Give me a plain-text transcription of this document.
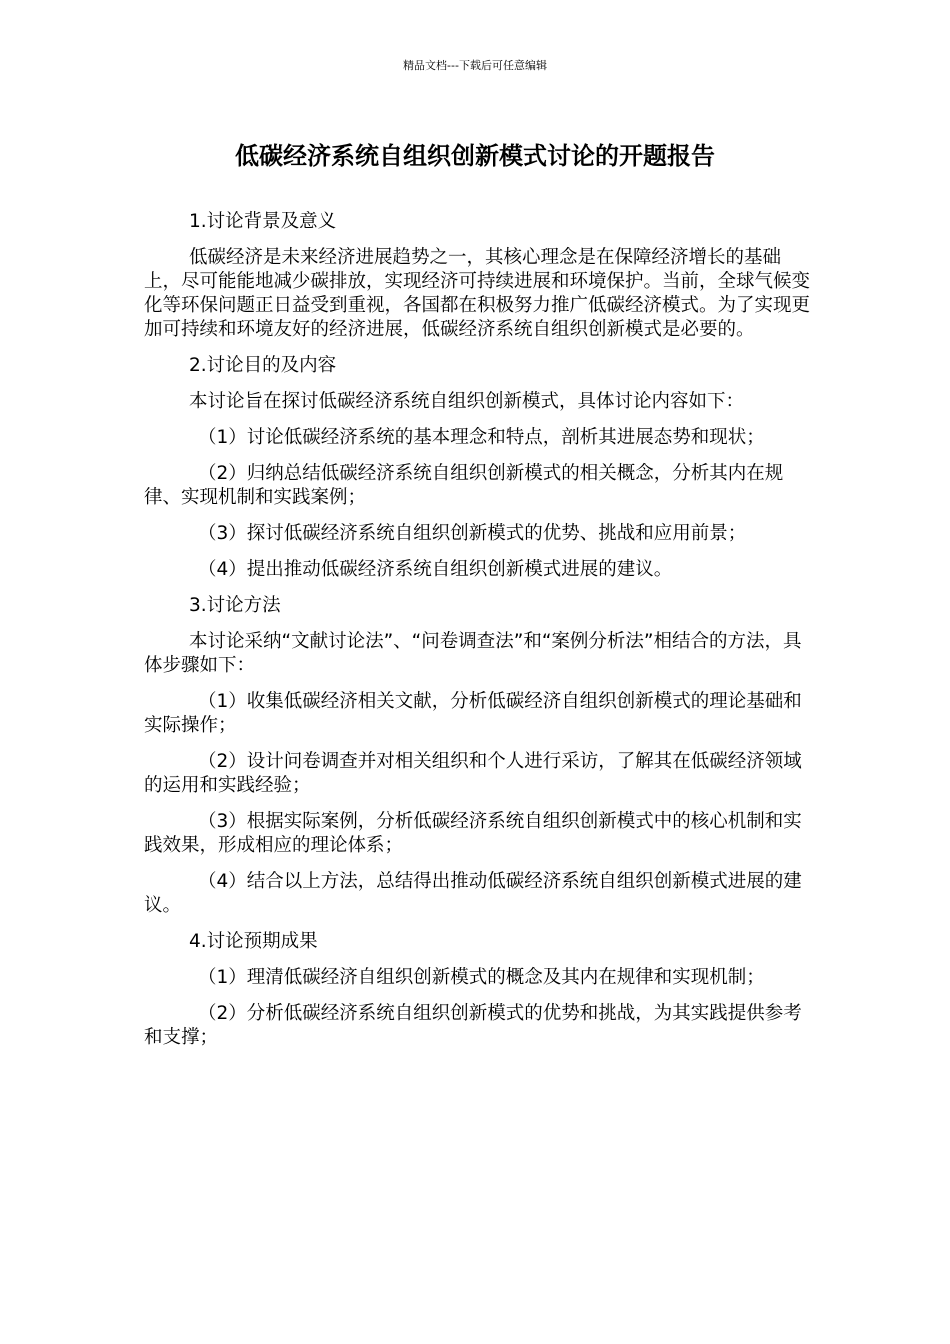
精品文档---下载后可任意编辑
低碳经济系统自组织创新模式讨论的开题报告

1.讨论背景及意义

低碳经济是未来经济进展趋势之一，其核心理念是在保障经济增长的基础上，尽可能能地减少碳排放，实现经济可持续进展和环境保护。当前，全球气候变化等环保问题正日益受到重视，各国都在积极努力推广低碳经济模式。为了实现更加可持续和环境友好的经济进展，低碳经济系统自组织创新模式是必要的。

2.讨论目的及内容

本讨论旨在探讨低碳经济系统自组织创新模式，具体讨论内容如下：

（1）讨论低碳经济系统的基本理念和特点，剖析其进展态势和现状；

（2）归纳总结低碳经济系统自组织创新模式的相关概念，分析其内在规律、实现机制和实践案例；

（3）探讨低碳经济系统自组织创新模式的优势、挑战和应用前景；

（4）提出推动低碳经济系统自组织创新模式进展的建议。

3.讨论方法

本讨论采纳“文献讨论法”、“问卷调查法”和“案例分析法”相结合的方法，具体步骤如下：

（1）收集低碳经济相关文献，分析低碳经济自组织创新模式的理论基础和实际操作；

（2）设计问卷调查并对相关组织和个人进行采访，了解其在低碳经济领域的运用和实践经验；

（3）根据实际案例，分析低碳经济系统自组织创新模式中的核心机制和实践效果，形成相应的理论体系；

（4）结合以上方法，总结得出推动低碳经济系统自组织创新模式进展的建议。

4.讨论预期成果

（1）理清低碳经济自组织创新模式的概念及其内在规律和实现机制；

（2）分析低碳经济系统自组织创新模式的优势和挑战，为其实践提供参考和支撑；
